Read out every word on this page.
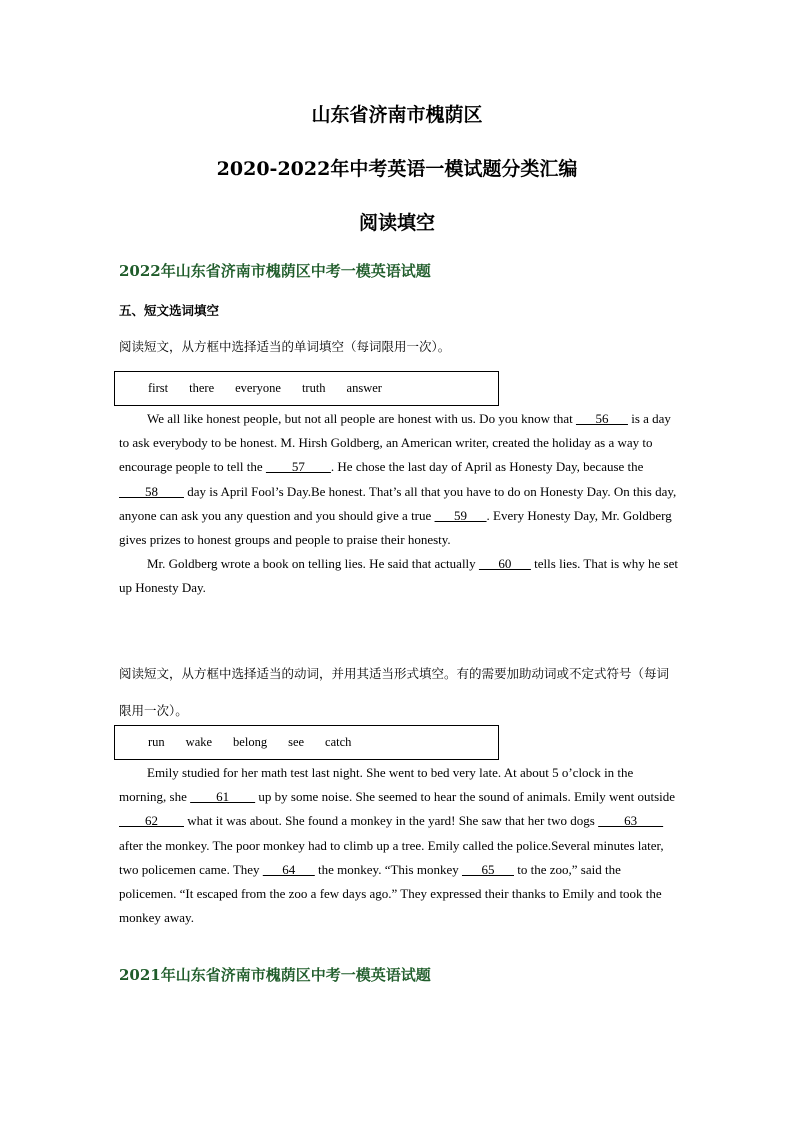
山东省济南市槐荫区
2020-2022年中考英语一模试题分类汇编
阅读填空
2022年山东省济南市槐荫区中考一模英语试题
五、短文选词填空
阅读短文，从方框中选择适当的单词填空（每词限用一次）。
first there everyone truth answer

We all like honest people, but not all people are honest with us. Do you know that       56       is a day to ask everybody to be honest. M. Hirsh Goldberg, an American writer, created the holiday as a way to encourage people to tell the         57        . He chose the last day of April as Honesty Day, because the         58         day is April Fool’s Day.Be honest. That’s all that you have to do on Honesty Day. On this day, anyone can ask you any question and you should give a true       59      . Every Honesty Day, Mr. Goldberg gives prizes to honest groups and people to praise their honesty.

Mr. Goldberg wrote a book on telling lies. He said that actually       60       tells lies. That is why he set up Honesty Day.

阅读短文，从方框中选择适当的动词，并用其适当形式填空。有的需要加助动词或不定式符号（每词限用一次）。
run wake belong see catch

Emily studied for her math test last night. She went to bed very late. At about 5 o’clock in the morning, she         61         up by some noise. She seemed to hear the sound of animals. Emily went outside         62         what it was about. She found a monkey in the yard! She saw that her two dogs         63         after the monkey. The poor monkey had to climb up a tree. Emily called the police.Several minutes later, two policemen came. They       64       the monkey. “This monkey       65       to the zoo,” said the policemen. “It escaped from the zoo a few days ago.” They expressed their thanks to Emily and took the monkey away.

2021年山东省济南市槐荫区中考一模英语试题
